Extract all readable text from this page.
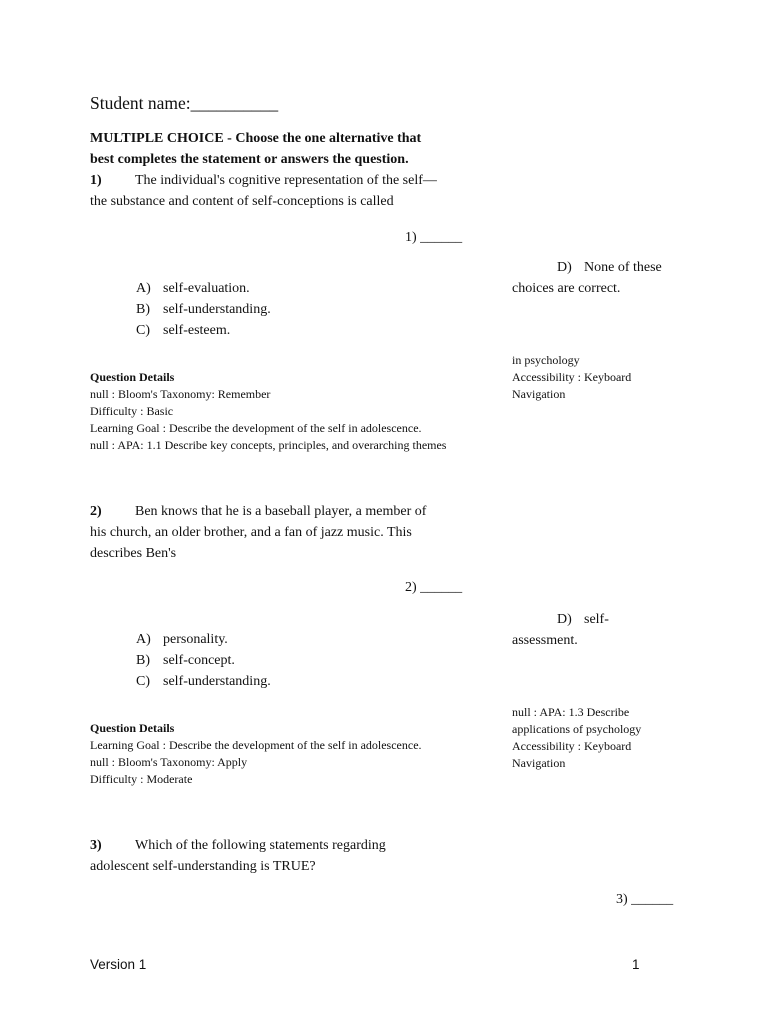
Student name:__________
MULTIPLE CHOICE - Choose the one alternative that
best completes the statement or answers the question.
1) The individual's cognitive representation of the self—
the substance and content of self-conceptions is called
1) ______
A) self-evaluation.
B) self-understanding.
C) self-esteem.
D) None of these
choices are correct.
Question Details
null : Bloom's Taxonomy: Remember
Difficulty : Basic
Learning Goal : Describe the development of the self in adolescence.
null : APA: 1.1 Describe key concepts, principles, and overarching themes
in psychology
Accessibility : Keyboard
Navigation
2) Ben knows that he is a baseball player, a member of
his church, an older brother, and a fan of jazz music. This
describes Ben's
2) ______
A) personality.
B) self-concept.
C) self-understanding.
D) self-
assessment.
Question Details
Learning Goal : Describe the development of the self in adolescence.
null : Bloom's Taxonomy: Apply
Difficulty : Moderate
null : APA: 1.3 Describe
applications of psychology
Accessibility : Keyboard
Navigation
3) Which of the following statements regarding
adolescent self-understanding is TRUE?
3) ______
Version 1	1
